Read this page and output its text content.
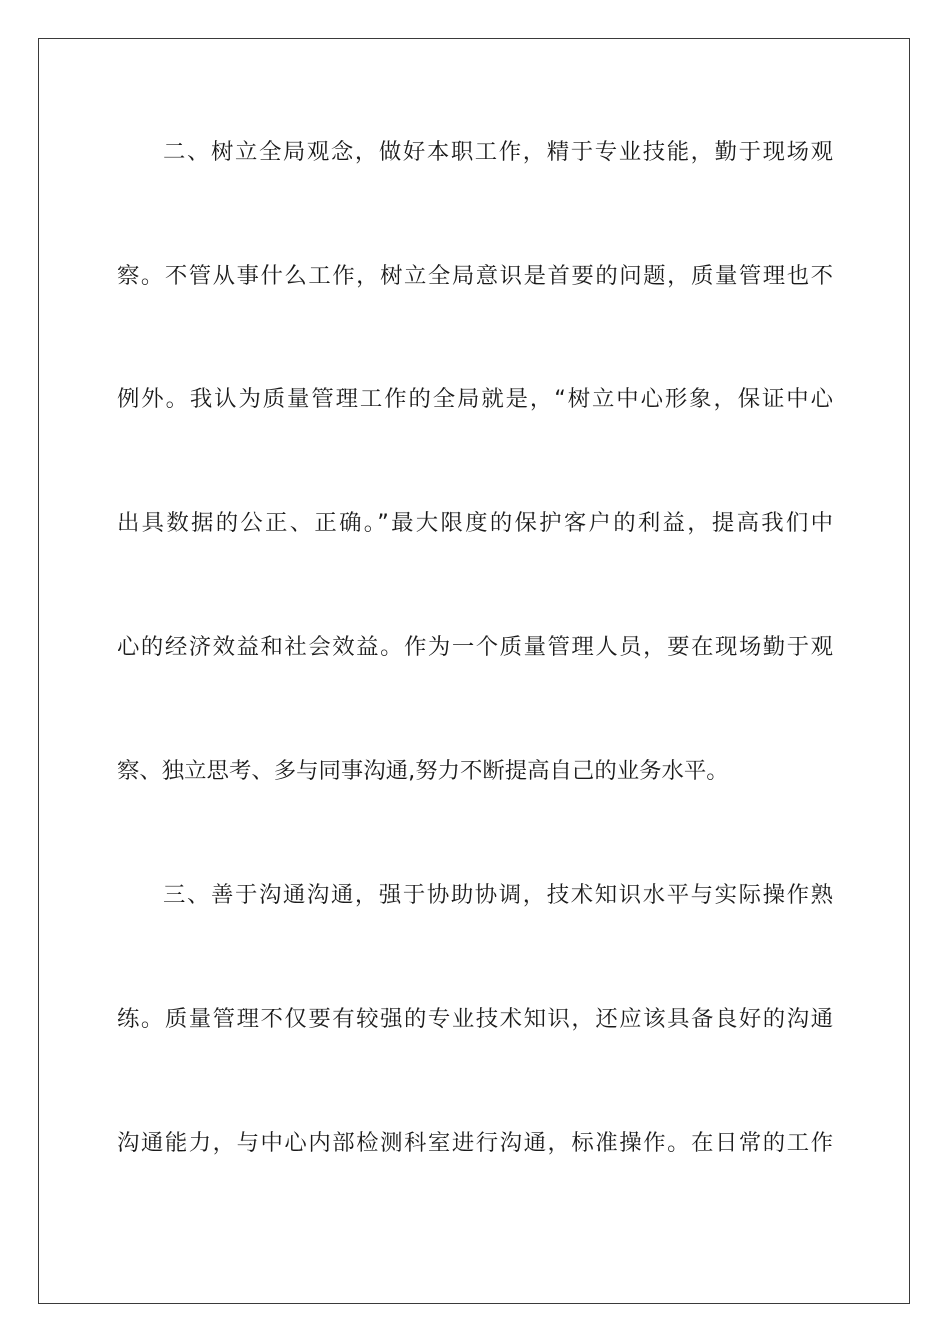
二、树立全局观念，做好本职工作，精于专业技能，勤于现场观
察。不管从事什么工作，树立全局意识是首要的问题，质量管理也不
例外。我认为质量管理工作的全局就是，“树立中心形象，保证中心
出具数据的公正、正确。”最大限度的保护客户的利益，提高我们中
心的经济效益和社会效益。作为一个质量管理人员，要在现场勤于观
察、独立思考、多与同事沟通,努力不断提高自己的业务水平。
三、善于沟通沟通，强于协助协调，技术知识水平与实际操作熟
练。质量管理不仅要有较强的专业技术知识，还应该具备良好的沟通
沟通能力，与中心内部检测科室进行沟通，标准操作。在日常的工作
